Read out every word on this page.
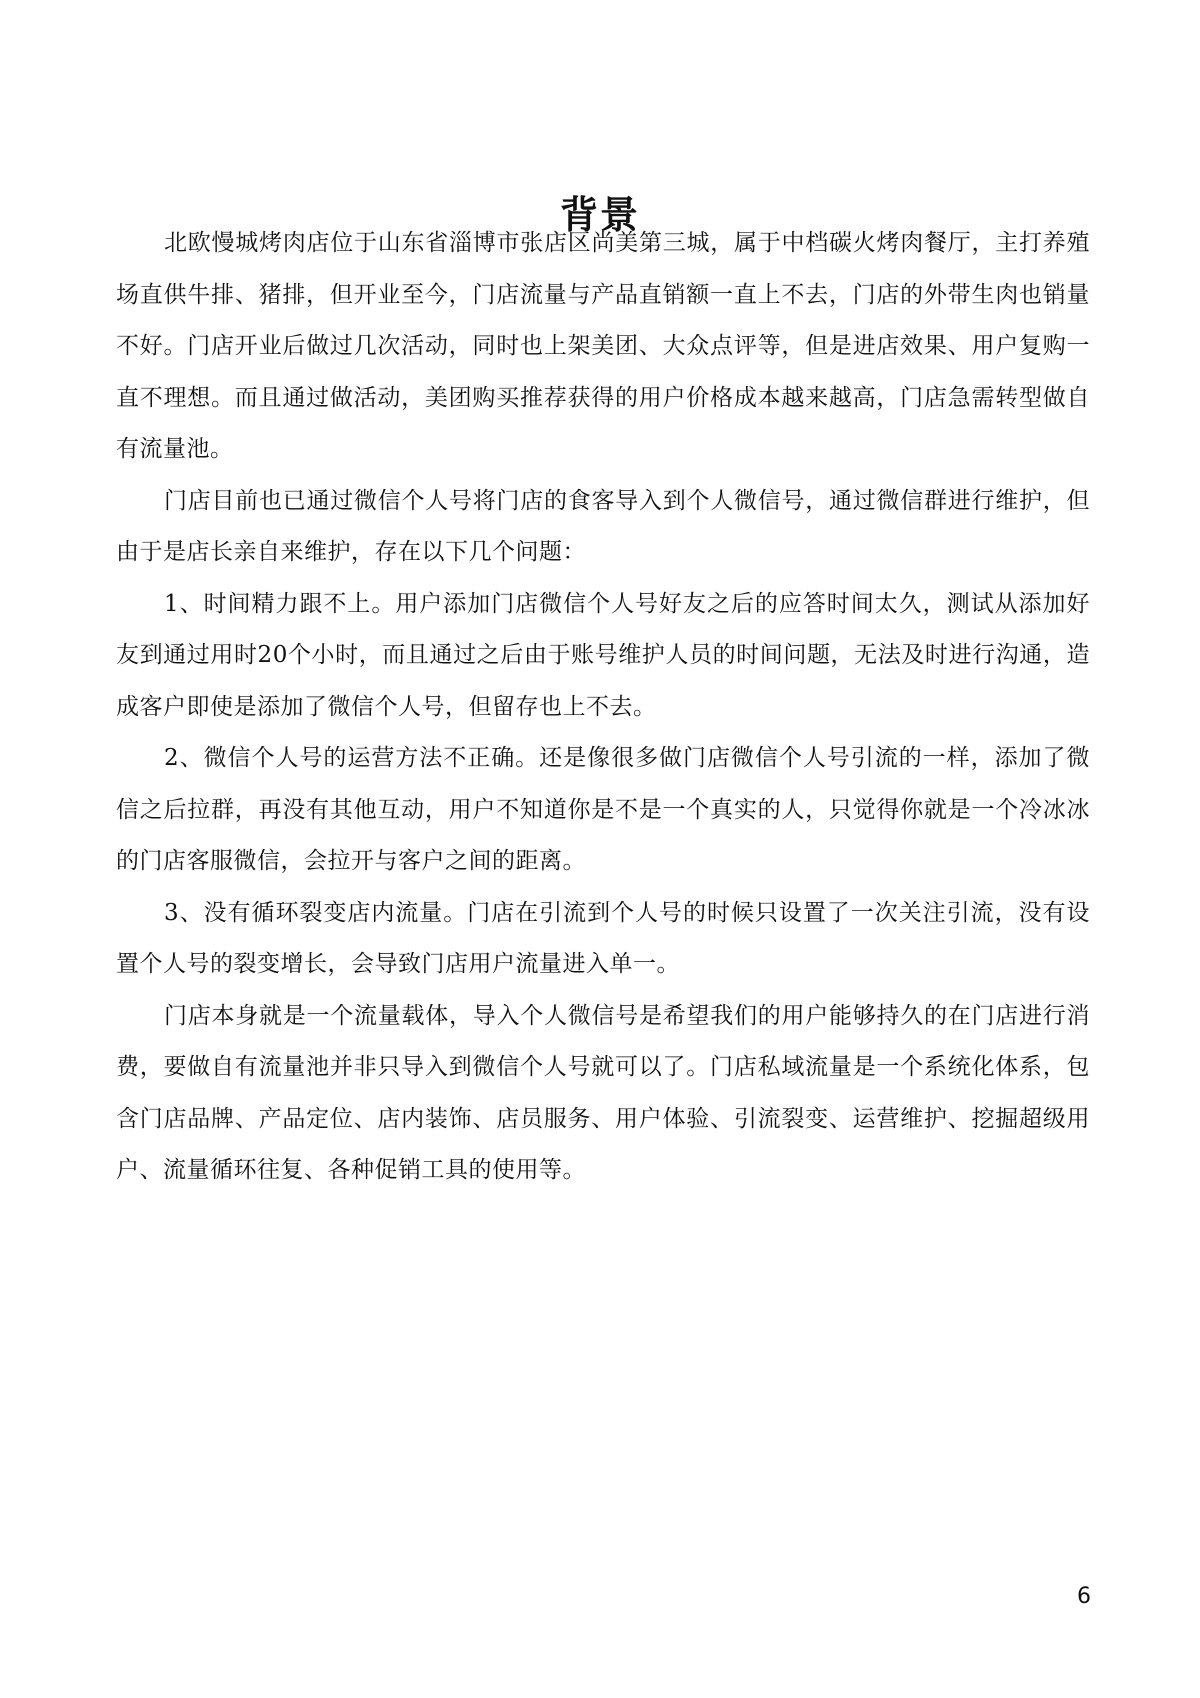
背景

北欧慢城烤肉店位于山东省淄博市张店区尚美第三城，属于中档碳火烤肉餐厅，主打养殖场直供牛排、猪排，但开业至今，门店流量与产品直销额一直上不去，门店的外带生肉也销量不好。门店开业后做过几次活动，同时也上架美团、大众点评等，但是进店效果、用户复购一直不理想。而且通过做活动，美团购买推荐获得的用户价格成本越来越高，门店急需转型做自有流量池。

门店目前也已通过微信个人号将门店的食客导入到个人微信号，通过微信群进行维护，但由于是店长亲自来维护，存在以下几个问题：

1、时间精力跟不上。用户添加门店微信个人号好友之后的应答时间太久，测试从添加好友到通过用时20个小时，而且通过之后由于账号维护人员的时间问题，无法及时进行沟通，造成客户即使是添加了微信个人号，但留存也上不去。

2、微信个人号的运营方法不正确。还是像很多做门店微信个人号引流的一样，添加了微信之后拉群，再没有其他互动，用户不知道你是不是一个真实的人，只觉得你就是一个冷冰冰的门店客服微信，会拉开与客户之间的距离。

3、没有循环裂变店内流量。门店在引流到个人号的时候只设置了一次关注引流，没有设置个人号的裂变增长，会导致门店用户流量进入单一。

门店本身就是一个流量载体，导入个人微信号是希望我们的用户能够持久的在门店进行消费，要做自有流量池并非只导入到微信个人号就可以了。门店私域流量是一个系统化体系，包含门店品牌、产品定位、店内装饰、店员服务、用户体验、引流裂变、运营维护、挖掘超级用户、流量循环往复、各种促销工具的使用等。

6
